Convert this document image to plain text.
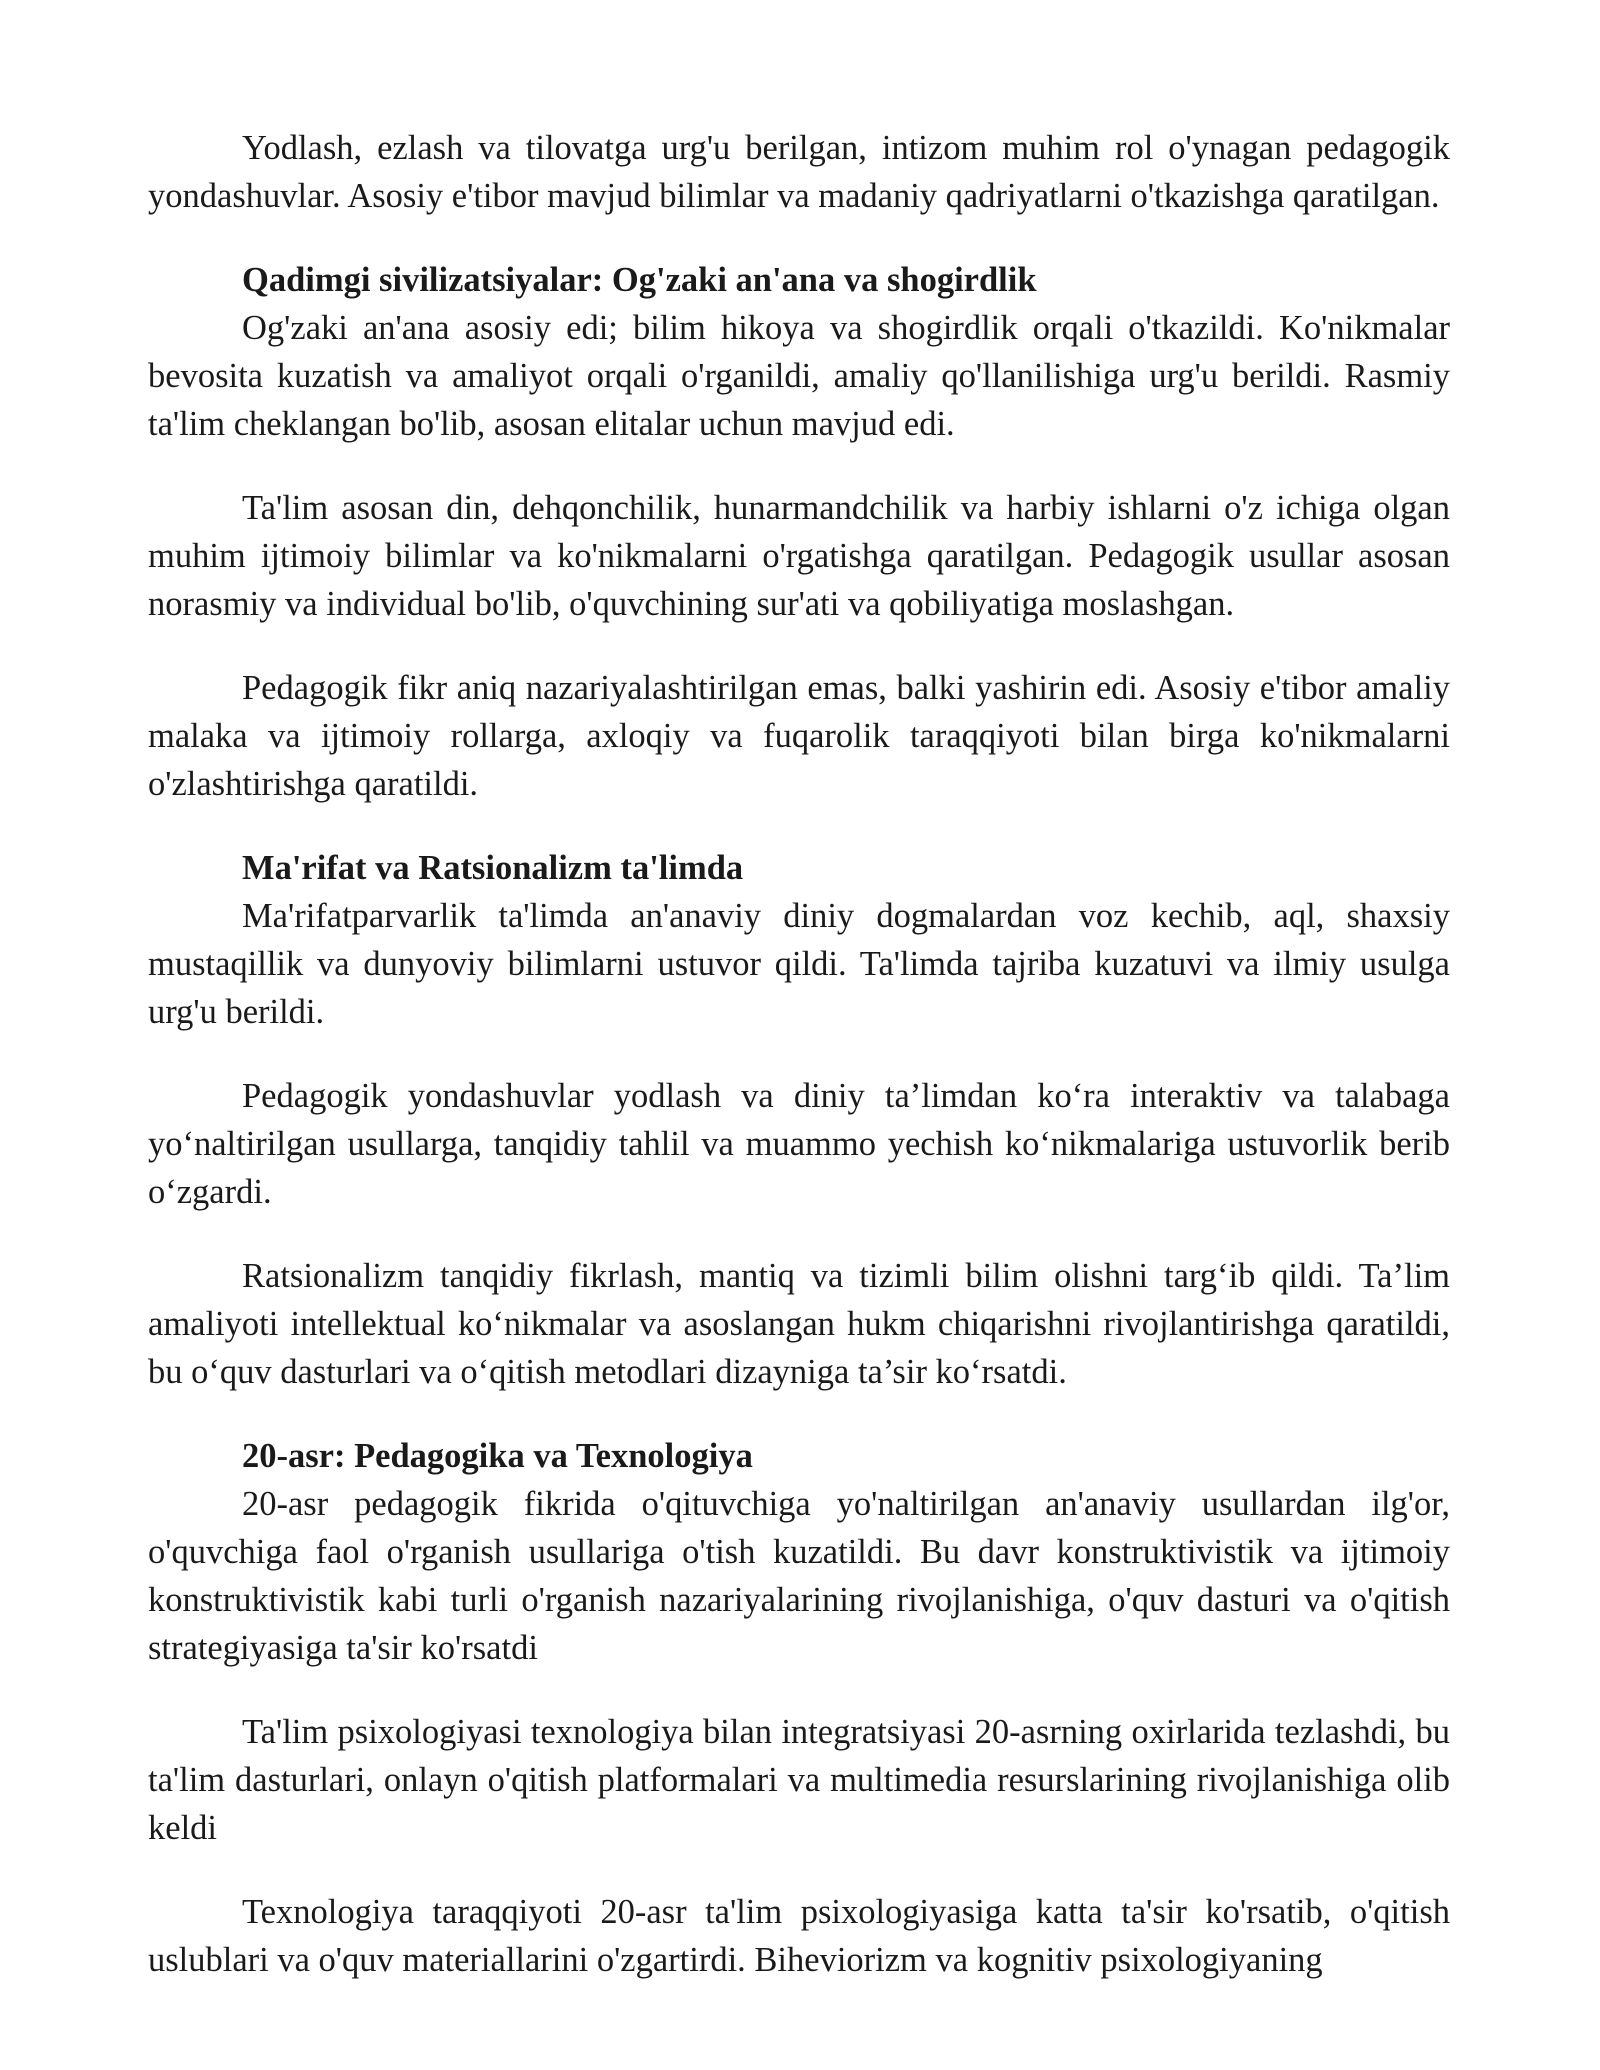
Yodlash, ezlash va tilovatga urg'u berilgan, intizom muhim rol o'ynagan pedagogik yondashuvlar. Asosiy e'tibor mavjud bilimlar va madaniy qadriyatlarni o'tkazishga qaratilgan.

Qadimgi sivilizatsiyalar: Og'zaki an'ana va shogirdlik

Og'zaki an'ana asosiy edi; bilim hikoya va shogirdlik orqali o'tkazildi. Ko'nikmalar bevosita kuzatish va amaliyot orqali o'rganildi, amaliy qo'llanilishiga urg'u berildi. Rasmiy ta'lim cheklangan bo'lib, asosan elitalar uchun mavjud edi.

Ta'lim asosan din, dehqonchilik, hunarmandchilik va harbiy ishlarni o'z ichiga olgan muhim ijtimoiy bilimlar va ko'nikmalarni o'rgatishga qaratilgan. Pedagogik usullar asosan norasmiy va individual bo'lib, o'quvchining sur'ati va qobiliyatiga moslashgan.

Pedagogik fikr aniq nazariyalashtirilgan emas, balki yashirin edi. Asosiy e'tibor amaliy malaka va ijtimoiy rollarga, axloqiy va fuqarolik taraqqiyoti bilan birga ko'nikmalarni o'zlashtirishga qaratildi.

Ma'rifat va Ratsionalizm ta'limda

Ma'rifatparvarlik ta'limda an'anaviy diniy dogmalardan voz kechib, aql, shaxsiy mustaqillik va dunyoviy bilimlarni ustuvor qildi. Ta'limda tajriba kuzatuvi va ilmiy usulga urg'u berildi.

Pedagogik yondashuvlar yodlash va diniy ta’limdan ko‘ra interaktiv va talabaga yo‘naltirilgan usullarga, tanqidiy tahlil va muammo yechish ko‘nikmalariga ustuvorlik berib o‘zgardi.

Ratsionalizm tanqidiy fikrlash, mantiq va tizimli bilim olishni targ‘ib qildi. Ta’lim amaliyoti intellektual ko‘nikmalar va asoslangan hukm chiqarishni rivojlantirishga qaratildi, bu o‘quv dasturlari va o‘qitish metodlari dizayniga ta’sir ko‘rsatdi.

20-asr: Pedagogika va Texnologiya

20-asr pedagogik fikrida o'qituvchiga yo'naltirilgan an'anaviy usullardan ilg'or, o'quvchiga faol o'rganish usullariga o'tish kuzatildi. Bu davr konstruktivistik va ijtimoiy konstruktivistik kabi turli o'rganish nazariyalarining rivojlanishiga, o'quv dasturi va o'qitish strategiyasiga ta'sir ko'rsatdi

Ta'lim psixologiyasi texnologiya bilan integratsiyasi 20-asrning oxirlarida tezlashdi, bu ta'lim dasturlari, onlayn o'qitish platformalari va multimedia resurslarining rivojlanishiga olib keldi

Texnologiya taraqqiyoti 20-asr ta'lim psixologiyasiga katta ta'sir ko'rsatib, o'qitish uslublari va o'quv materiallarini o'zgartirdi. Biheviorizm va kognitiv psixologiyaning
